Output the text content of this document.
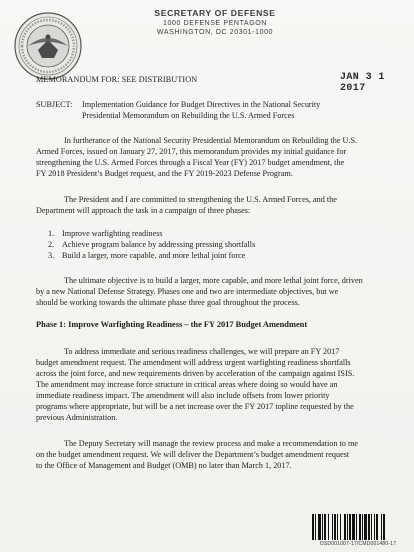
SECRETARY OF DEFENSE
1000 DEFENSE PENTAGON
WASHINGTON, DC 20301-1000
MEMORANDUM FOR: SEE DISTRIBUTION	JAN 3 1 2017
SUBJECT: Implementation Guidance for Budget Directives in the National Security
Presidential Memorandum on Rebuilding the U.S. Armed Forces
In furtherance of the National Security Presidential Memorandum on Rebuilding the U.S.
Armed Forces, issued on January 27, 2017, this memorandum provides my initial guidance for
strengthening the U.S. Armed Forces through a Fiscal Year (FY) 2017 budget amendment, the
FY 2018 President’s Budget request, and the FY 2019-2023 Defense Program.
The President and I are committed to strengthening the U.S. Armed Forces, and the
Department will approach the task in a campaign of three phases:
1. Improve warfighting readiness
2. Achieve program balance by addressing pressing shortfalls
3. Build a larger, more capable, and more lethal joint force
The ultimate objective is to build a larger, more capable, and more lethal joint force, driven
by a new National Defense Strategy. Phases one and two are intermediate objectives, but we
should be working towards the ultimate phase three goal throughout the process.
Phase 1: Improve Warfighting Readiness – the FY 2017 Budget Amendment
To address immediate and serious readiness challenges, we will prepare an FY 2017
budget amendment request. The amendment will address urgent warfighting readiness shortfalls
across the joint force, and new requirements driven by acceleration of the campaign against ISIS.
The amendment may increase force structure in critical areas where doing so would have an
immediate readiness impact. The amendment will also include offsets from lower priority
programs where appropriate, but will be a net increase over the FY 2017 topline requested by the
previous Administration.
The Deputy Secretary will manage the review process and make a recommendation to me
on the budget amendment request. We will deliver the Department’s budget amendment request
to the Office of Management and Budget (OMB) no later than March 1, 2017.
OSD001007-17/CMD001480-17
